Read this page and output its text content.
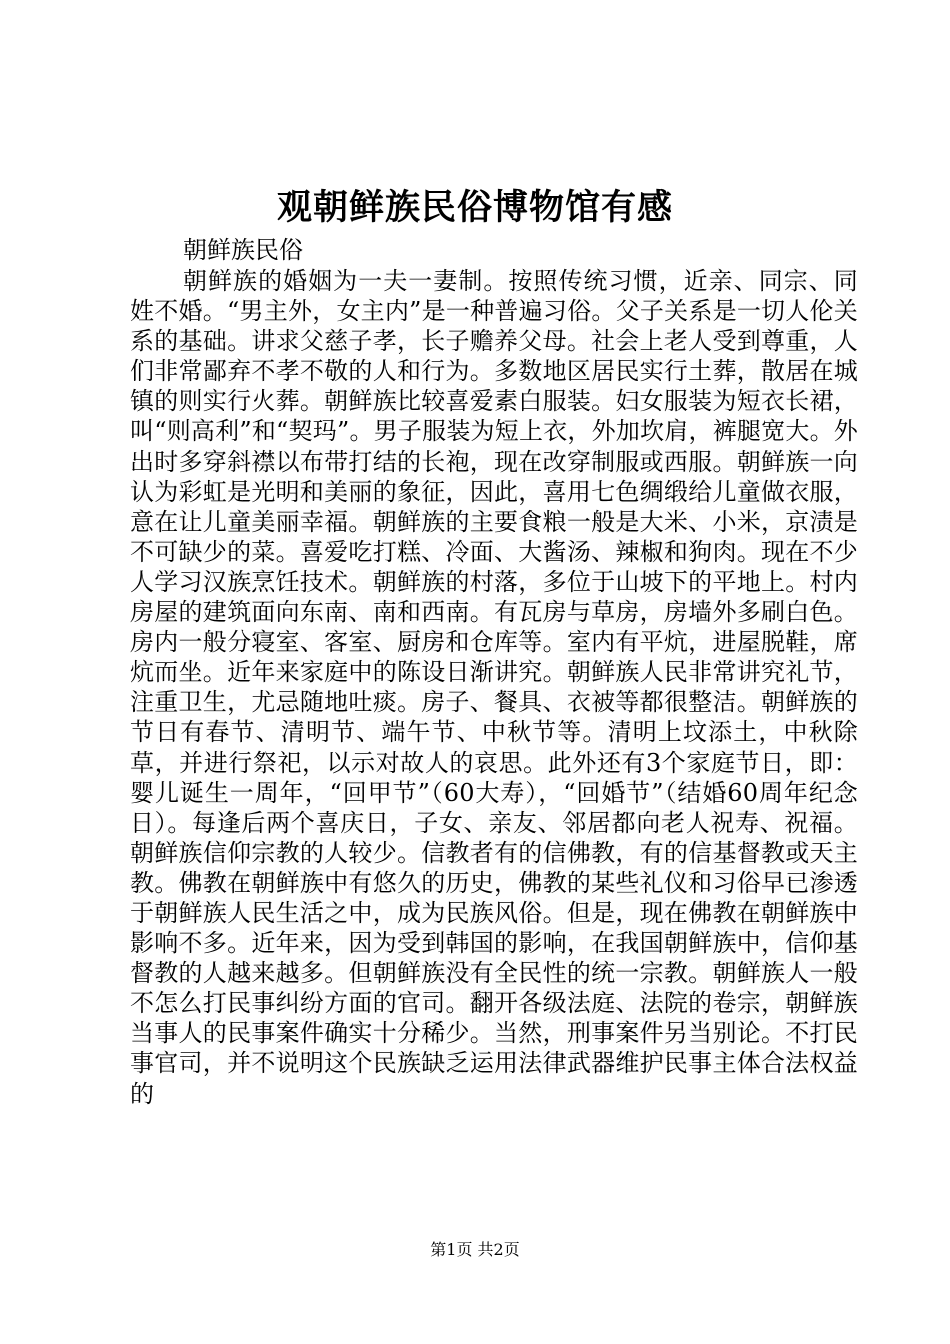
观朝鲜族民俗博物馆有感

朝鲜族民俗

朝鲜族的婚姻为一夫一妻制。按照传统习惯，近亲、同宗、同姓不婚。“男主外，女主内”是一种普遍习俗。父子关系是一切人伦关系的基础。讲求父慈子孝，长子赡养父母。社会上老人受到尊重，人们非常鄙弃不孝不敬的人和行为。多数地区居民实行土葬，散居在城镇的则实行火葬。朝鲜族比较喜爱素白服装。妇女服装为短衣长裙，叫“则高利”和“契玛”。男子服装为短上衣，外加坎肩，裤腿宽大。外出时多穿斜襟以布带打结的长袍，现在改穿制服或西服。朝鲜族一向认为彩虹是光明和美丽的象征，因此，喜用七色绸缎给儿童做衣服，意在让儿童美丽幸福。朝鲜族的主要食粮一般是大米、小米，京渍是不可缺少的菜。喜爱吃打糕、冷面、大酱汤、辣椒和狗肉。现在不少人学习汉族烹饪技术。朝鲜族的村落，多位于山坡下的平地上。村内房屋的建筑面向东南、南和西南。有瓦房与草房，房墙外多刷白色。房内一般分寝室、客室、厨房和仓库等。室内有平炕，进屋脱鞋，席炕而坐。近年来家庭中的陈设日渐讲究。朝鲜族人民非常讲究礼节，注重卫生，尤忌随地吐痰。房子、餐具、衣被等都很整洁。朝鲜族的节日有春节、清明节、端午节、中秋节等。清明上坟添土，中秋除草，并进行祭祀，以示对故人的哀思。此外还有3个家庭节日，即：婴儿诞生一周年，“回甲节”（60大寿），“回婚节”（结婚60周年纪念日）。每逢后两个喜庆日，子女、亲友、邻居都向老人祝寿、祝福。朝鲜族信仰宗教的人较少。信教者有的信佛教，有的信基督教或天主教。佛教在朝鲜族中有悠久的历史，佛教的某些礼仪和习俗早已渗透于朝鲜族人民生活之中，成为民族风俗。但是，现在佛教在朝鲜族中影响不多。近年来，因为受到韩国的影响，在我国朝鲜族中，信仰基督教的人越来越多。但朝鲜族没有全民性的统一宗教。朝鲜族人一般不怎么打民事纠纷方面的官司。翻开各级法庭、法院的卷宗，朝鲜族当事人的民事案件确实十分稀少。当然，刑事案件另当别论。不打民事官司，并不说明这个民族缺乏运用法律武器维护民事主体合法权益的

第1页 共2页
